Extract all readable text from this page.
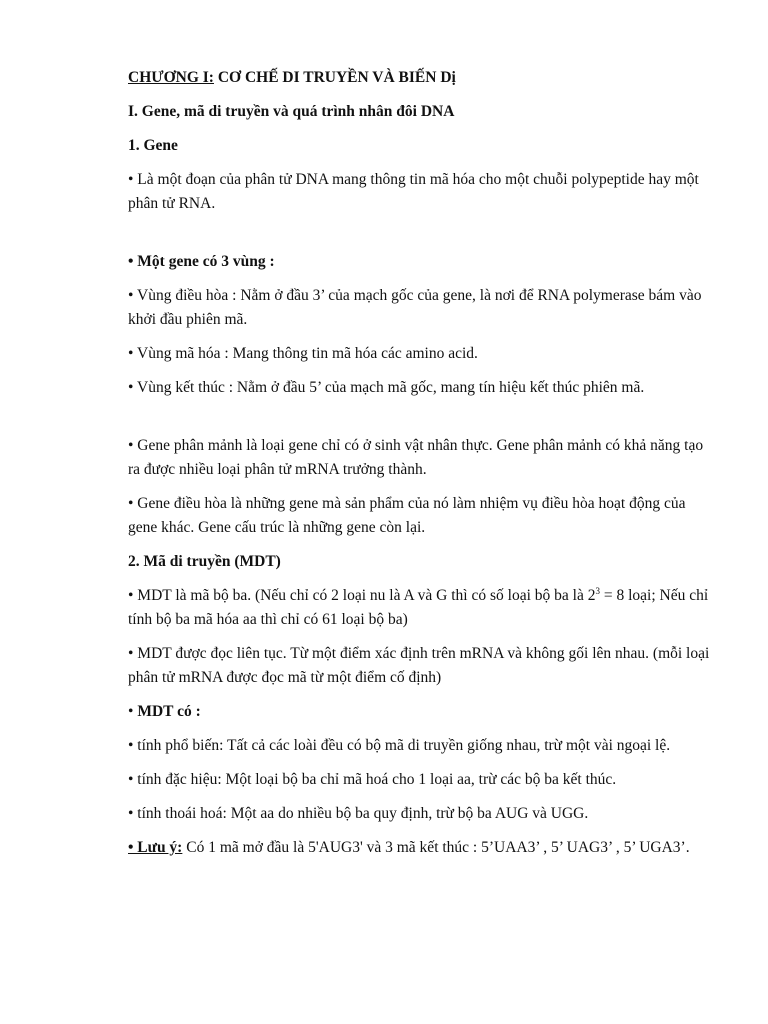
CHƯƠNG I: CƠ CHẾ DI TRUYỀN VÀ BIẾN Dị

I. Gene, mã di truyền và quá trình nhân đôi DNA

1. Gene

• Là một đoạn của phân tử DNA mang thông tin mã hóa cho một chuỗi polypeptide hay một phân tử RNA.

• Một gene có 3 vùng :

• Vùng điều hòa : Nằm ở đầu 3’ của mạch gốc của gene, là nơi để RNA polymerase bám vào khởi đầu phiên mã.

• Vùng mã hóa : Mang thông tin mã hóa các amino acid.

• Vùng kết thúc : Nằm ở đầu 5’ của mạch mã gốc, mang tín hiệu kết thúc phiên mã.

• Gene phân mảnh là loại gene chỉ có ở sinh vật nhân thực. Gene phân mảnh có khả năng tạo ra được nhiều loại phân tử mRNA trưởng thành.

• Gene điều hòa là những gene mà sản phẩm của nó làm nhiệm vụ điều hòa hoạt động của gene khác. Gene cấu trúc là những gene còn lại.

2. Mã di truyền (MDT)

• MDT là mã bộ ba. (Nếu chỉ có 2 loại nu là A và G thì có số loại bộ ba là $2^3 = 8$ loại; Nếu chỉ tính bộ ba mã hóa aa thì chỉ có 61 loại bộ ba)

• MDT được đọc liên tục. Từ một điểm xác định trên mRNA và không gối lên nhau. (mỗi loại phân tử mRNA được đọc mã từ một điểm cố định)

• MDT có :

• tính phổ biến: Tất cả các loài đều có bộ mã di truyền giống nhau, trừ một vài ngoại lệ.

• tính đặc hiệu: Một loại bộ ba chỉ mã hoá cho 1 loại aa, trừ các bộ ba kết thúc.

• tính thoái hoá: Một aa do nhiều bộ ba quy định, trừ bộ ba AUG và UGG.

• Lưu ý: Có 1 mã mở đầu là 5'AUG3' và 3 mã kết thúc : 5’UAA3’ , 5’ UAG3’ , 5’ UGA3’.
